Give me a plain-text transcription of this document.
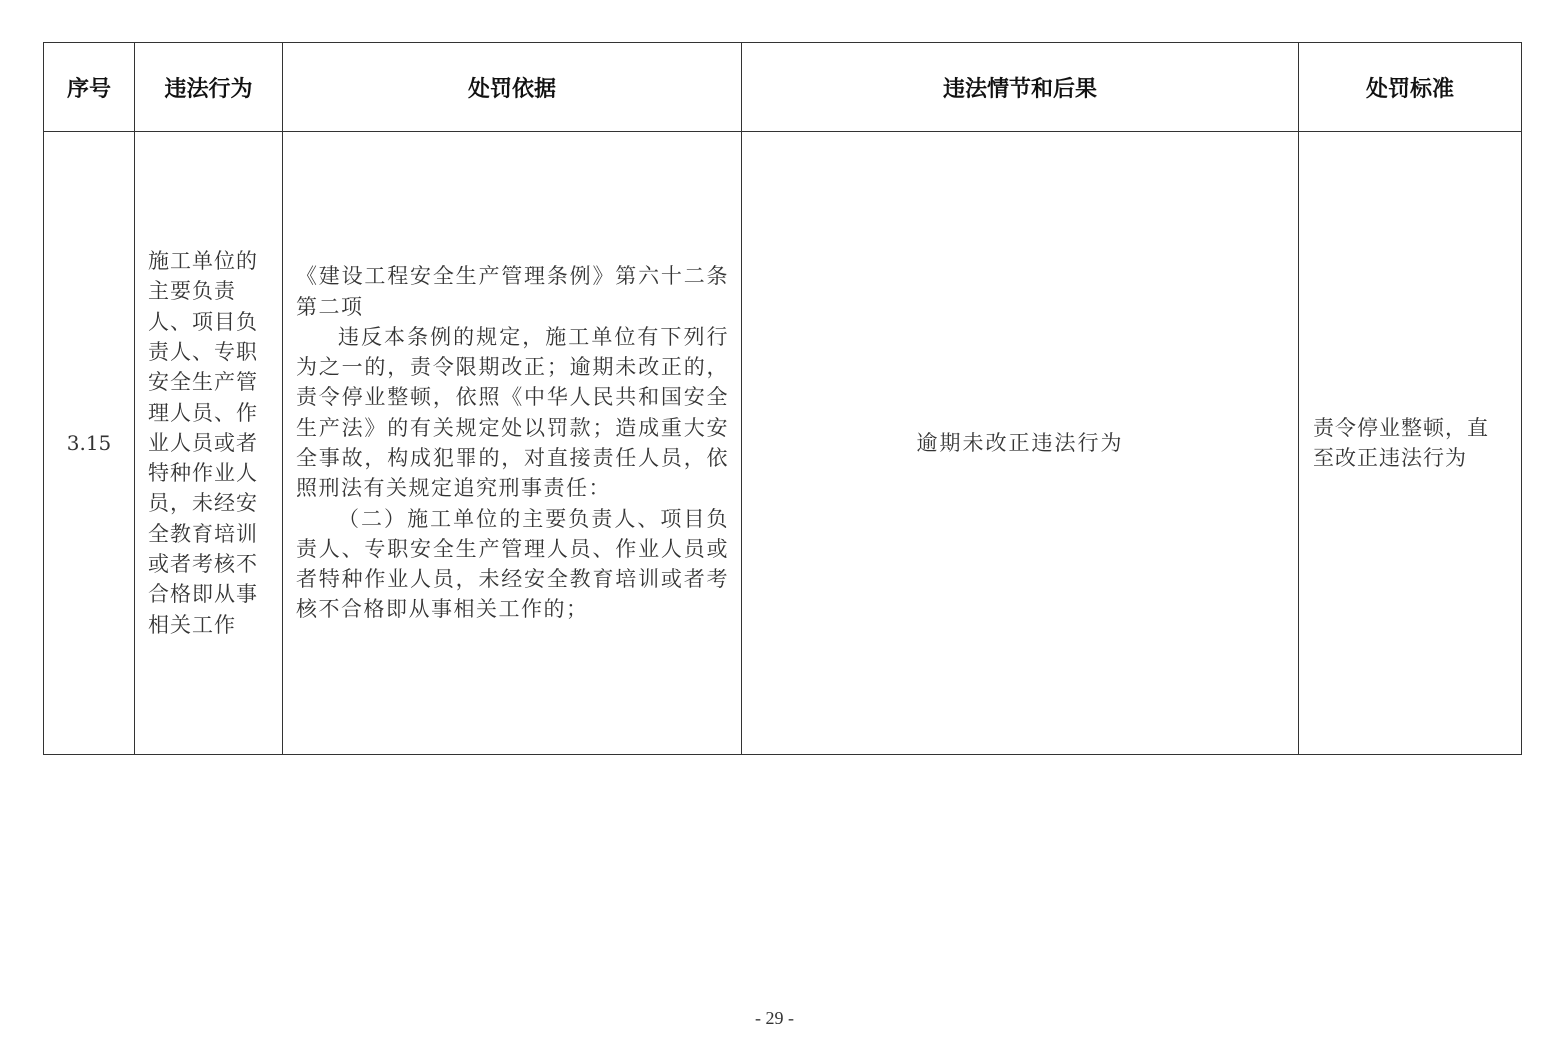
序号	违法行为	处罚依据	违法情节和后果	处罚标准
3.15	施工单位的主要负责人、项目负责人、专职安全生产管理人员、作业人员或者特种作业人员，未经安全教育培训或者考核不合格即从事相关工作	《建设工程安全生产管理条例》第六十二条第二项

违反本条例的规定，施工单位有下列行为之一的，责令限期改正；逾期未改正的，责令停业整顿，依照《中华人民共和国安全生产法》的有关规定处以罚款；造成重大安全事故，构成犯罪的，对直接责任人员，依照刑法有关规定追究刑事责任：

（二）施工单位的主要负责人、项目负责人、专职安全生产管理人员、作业人员或者特种作业人员，未经安全教育培训或者考核不合格即从事相关工作的；	逾期未改正违法行为	责令停业整顿，直至改正违法行为
- 29 -
